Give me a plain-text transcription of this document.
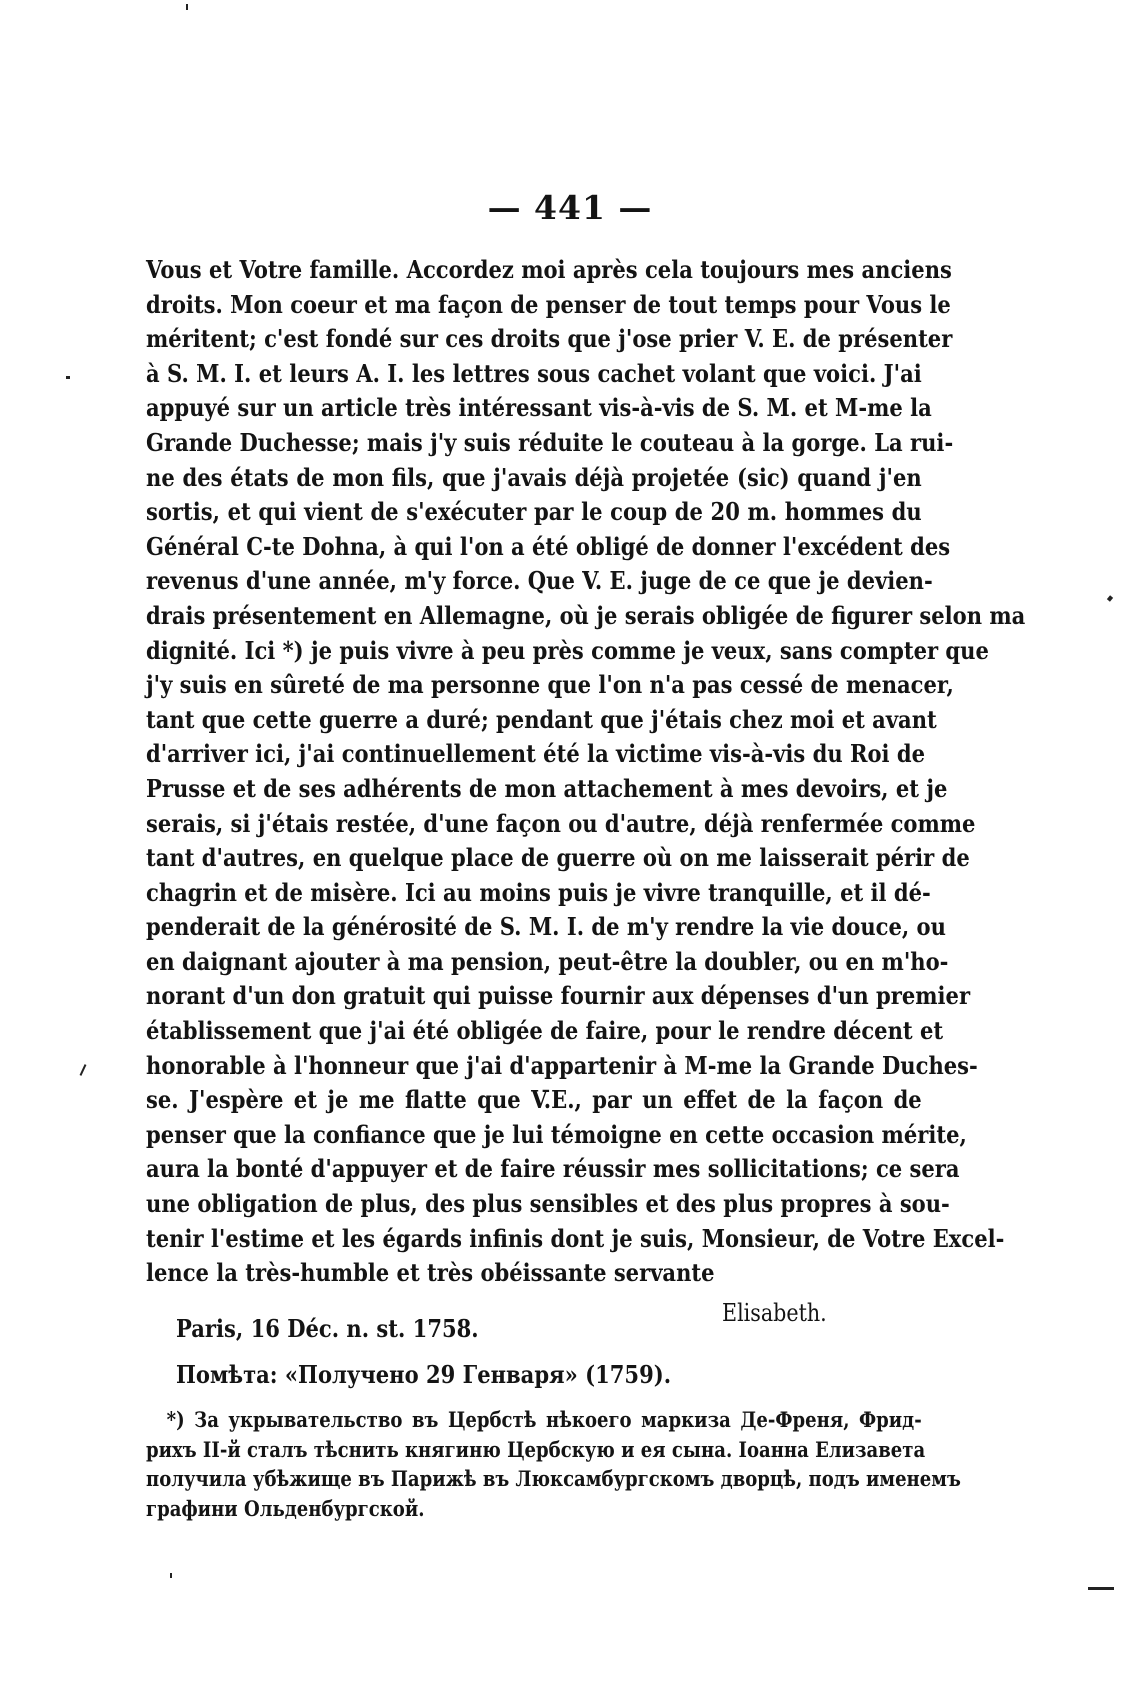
— 441 —
Vous et Votre famille. Accordez moi après cela toujours mes anciens
droits. Mon coeur et ma façon de penser de tout temps pour Vous le
méritent; c'est fondé sur ces droits que j'ose prier V. E. de présenter
à S. M. I. et leurs A. I. les lettres sous cachet volant que voici. J'ai
appuyé sur un article très intéressant vis-à-vis de S. M. et M-me la
Grande Duchesse; mais j'y suis réduite le couteau à la gorge. La rui-
ne des états de mon fils, que j'avais déjà projetée (sic) quand j'en
sortis, et qui vient de s'exécuter par le coup de 20 m. hommes du
Général C-te Dohna, à qui l'on a été obligé de donner l'excédent des
revenus d'une année, m'y force. Que V. E. juge de ce que je devien-
drais présentement en Allemagne, où je serais obligée de figurer selon ma
dignité. Ici *) je puis vivre à peu près comme je veux, sans compter que
j'y suis en sûreté de ma personne que l'on n'a pas cessé de menacer,
tant que cette guerre a duré; pendant que j'étais chez moi et avant
d'arriver ici, j'ai continuellement été la victime vis-à-vis du Roi de
Prusse et de ses adhérents de mon attachement à mes devoirs, et je
serais, si j'étais restée, d'une façon ou d'autre, déjà renfermée comme
tant d'autres, en quelque place de guerre où on me laisserait périr de
chagrin et de misère. Ici au moins puis je vivre tranquille, et il dé-
penderait de la générosité de S. M. I. de m'y rendre la vie douce, ou
en daignant ajouter à ma pension, peut-être la doubler, ou en m'ho-
norant d'un don gratuit qui puisse fournir aux dépenses d'un premier
établissement que j'ai été obligée de faire, pour le rendre décent et
honorable à l'honneur que j'ai d'appartenir à M-me la Grande Duches-
se. J'espère et je me flatte que V.̄E., par un effet de la façon de
penser que la confiance que je lui témoigne en cette occasion mérite,
aura la bonté d'appuyer et de faire réussir mes sollicitations; ce sera
une obligation de plus, des plus sensibles et des plus propres à sou-
tenir l'estime et les égards infinis dont je suis, Monsieur, de Votre Excel-
lence la très-humble et très obéissante servante
Elisabeth.
Paris, 16 Déc. n. st. 1758.
Помѣта: «Получено 29 Генваря» (1759).
*) За укрывательство въ Цербстѣ нѣкоего маркиза Де-Френя, Фрид-
рихъ II-й сталъ тѣснить княгиню Цербскую и ея сына. Іоанна Елизавета
получила убѣжище въ Парижѣ въ Люксамбургскомъ дворцѣ, подъ именемъ
графини Ольденбургской.
